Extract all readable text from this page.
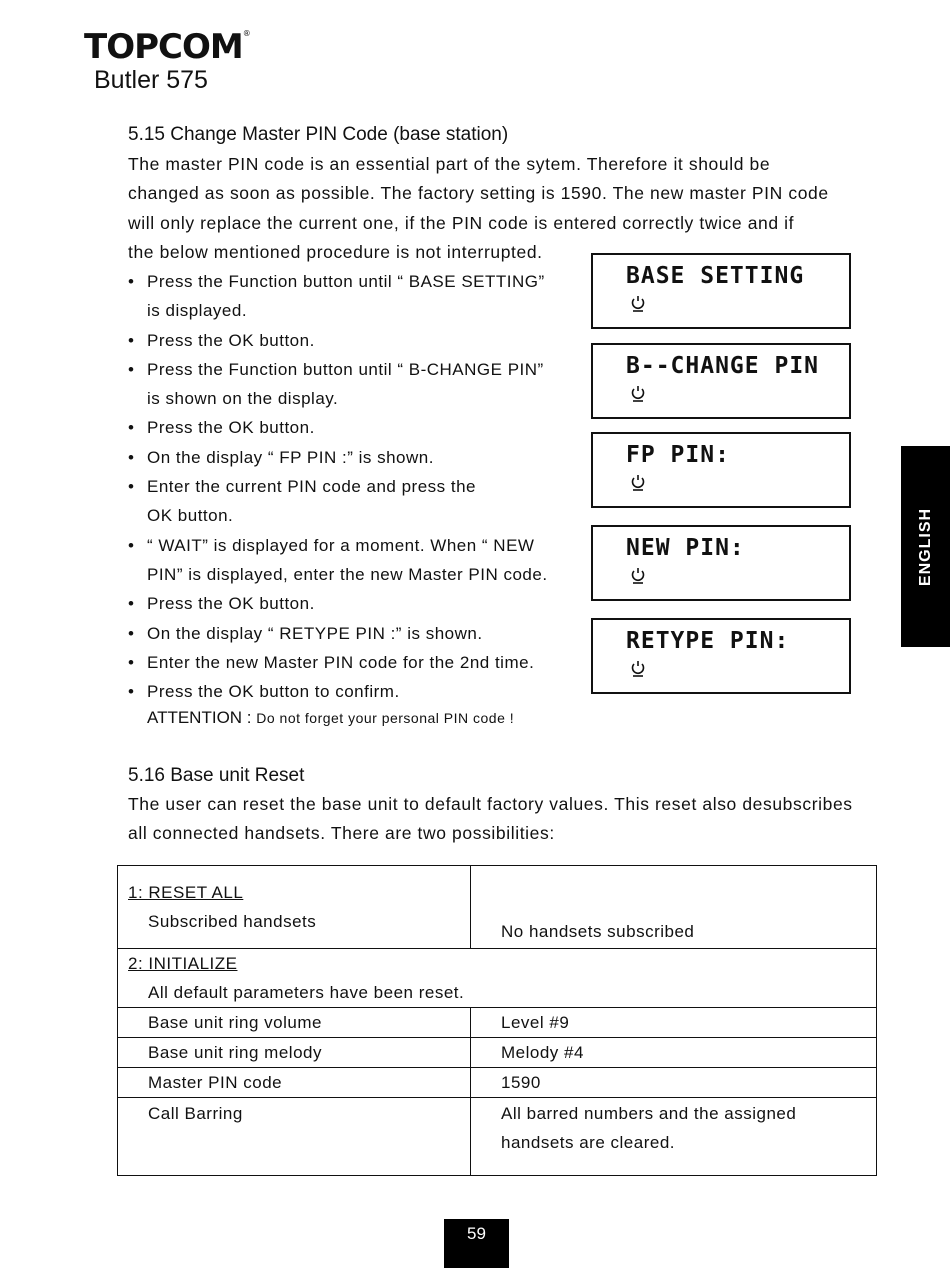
TOPCOM®
Butler 575
5.15 Change Master PIN Code (base station)
The master PIN code is an essential part of the sytem. Therefore it should be
changed as soon as possible. The factory setting is 1590. The new master PIN code
will only replace the current one, if the PIN code is entered correctly twice and if
the below mentioned procedure is not interrupted.
• Press the Function button until “ BASE SETTING”
is displayed.
• Press the OK button.
• Press the Function button until “ B-CHANGE PIN”
is shown on the display.
• Press the OK button.
• On the display “ FP PIN :” is shown.
• Enter the current PIN code and press the
OK button.
• “ WAIT” is displayed for a moment. When “ NEW
PIN” is displayed, enter the new Master PIN code.
• Press the OK button.
• On the display “ RETYPE PIN :” is shown.
• Enter the new Master PIN code for the 2nd time.
• Press the OK button to confirm.
ATTENTION : Do not forget your personal PIN code !
BASE SETTING
B--CHANGE PIN
FP PIN:
NEW PIN:
RETYPE PIN:
ENGLISH
5.16 Base unit Reset
The user can reset the base unit to default factory values. This reset also desubscribes
all connected handsets. There are two possibilities:
1: RESET ALL
Subscribed handsets	No handsets subscribed

2: INITIALIZE
All default parameters have been reset.	

Base unit ring volume	Level #9
Base unit ring melody	Melody #4
Master PIN code	1590
Call Barring	All barred numbers and the assigned handsets are cleared.
59
